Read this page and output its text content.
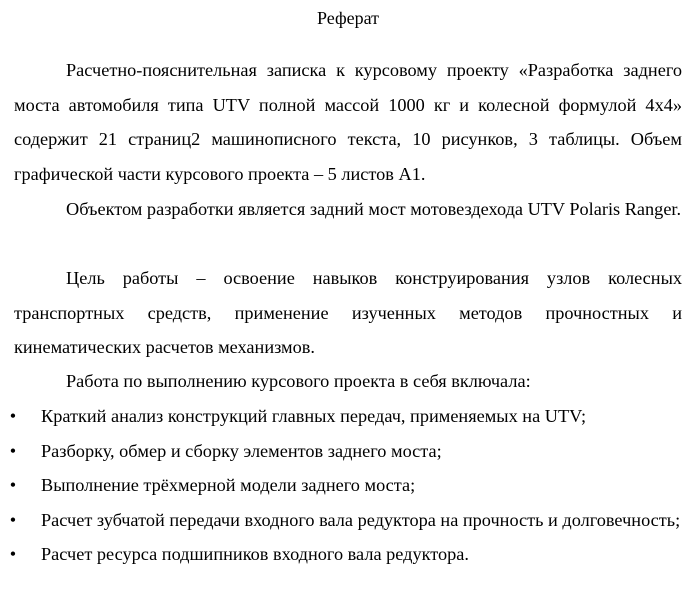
Реферат

Расчетно-пояснительная записка к курсовому проекту «Разработка заднего моста автомобиля типа UTV полной массой 1000 кг и колесной формулой 4х4» содержит 21 страниц2 машинописного текста, 10 рисунков, 3 таблицы. Объем графической части курсового проекта – 5 листов А1.

Объектом разработки является задний мост мотовездехода UTV Polaris Ranger.

Цель работы – освоение навыков конструирования узлов колесных транспортных средств, применение изученных методов прочностных и кинематических расчетов механизмов.

Работа по выполнению курсового проекта в себя включала:

• Краткий анализ конструкций главных передач, применяемых на UTV;
• Разборку, обмер и сборку элементов заднего моста;
• Выполнение трёхмерной модели заднего моста;
• Расчет зубчатой передачи входного вала редуктора на прочность и долговечность;
• Расчет ресурса подшипников входного вала редуктора.
